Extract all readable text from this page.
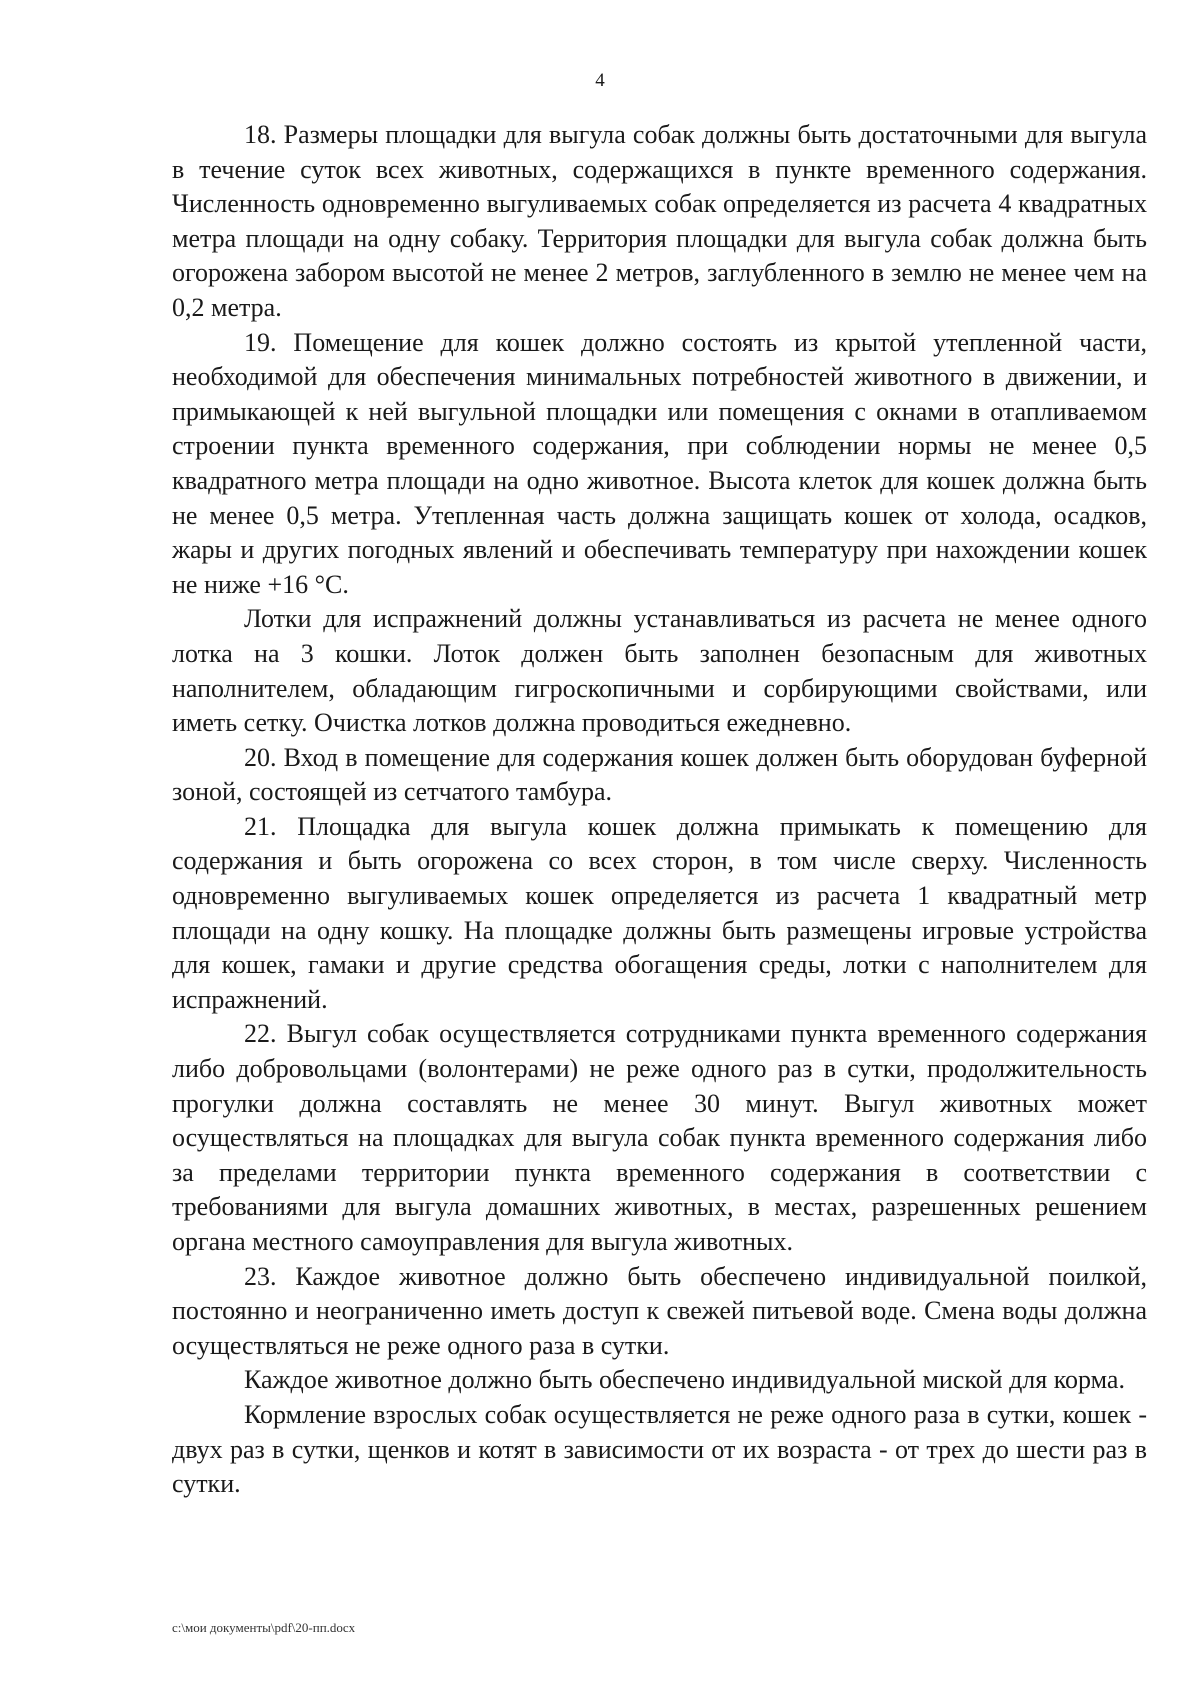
4

18. Размеры площадки для выгула собак должны быть достаточными для выгула в течение суток всех животных, содержащихся в пункте временного содержания. Численность одновременно выгуливаемых собак определяется из расчета 4 квадратных метра площади на одну собаку. Территория площадки для выгула собак должна быть огорожена забором высотой не менее 2 метров, заглубленного в землю не менее чем на 0,2 метра.

19. Помещение для кошек должно состоять из крытой утепленной части, необходимой для обеспечения минимальных потребностей животного в движении, и примыкающей к ней выгульной площадки или помещения с окнами в отапливаемом строении пункта временного содержания, при соблюдении нормы не менее 0,5 квадратного метра площади на одно животное. Высота клеток для кошек должна быть не менее 0,5 метра. Утепленная часть должна защищать кошек от холода, осадков, жары и других погодных явлений и обеспечивать температуру при нахождении кошек не ниже +16 °С.

Лотки для испражнений должны устанавливаться из расчета не менее одного лотка на 3 кошки. Лоток должен быть заполнен безопасным для животных наполнителем, обладающим гигроскопичными и сорбирующими свойствами, или иметь сетку. Очистка лотков должна проводиться ежедневно.

20. Вход в помещение для содержания кошек должен быть оборудован буферной зоной, состоящей из сетчатого тамбура.

21. Площадка для выгула кошек должна примыкать к помещению для содержания и быть огорожена со всех сторон, в том числе сверху. Численность одновременно выгуливаемых кошек определяется из расчета 1 квадратный метр площади на одну кошку. На площадке должны быть размещены игровые устройства для кошек, гамаки и другие средства обогащения среды, лотки с наполнителем для испражнений.

22. Выгул собак осуществляется сотрудниками пункта временного содержания либо добровольцами (волонтерами) не реже одного раз в сутки, продолжительность прогулки должна составлять не менее 30 минут. Выгул животных может осуществляться на площадках для выгула собак пункта временного содержания либо за пределами территории пункта временного содержания в соответствии с требованиями для выгула домашних животных, в местах, разрешенных решением органа местного самоуправления для выгула животных.

23. Каждое животное должно быть обеспечено индивидуальной поилкой, постоянно и неограниченно иметь доступ к свежей питьевой воде. Смена воды должна осуществляться не реже одного раза в сутки.

Каждое животное должно быть обеспечено индивидуальной миской для корма.

Кормление взрослых собак осуществляется не реже одного раза в сутки, кошек - двух раз в сутки, щенков и котят в зависимости от их возраста - от трех до шести раз в сутки.

c:\мои документы\pdf\20-пп.docx
